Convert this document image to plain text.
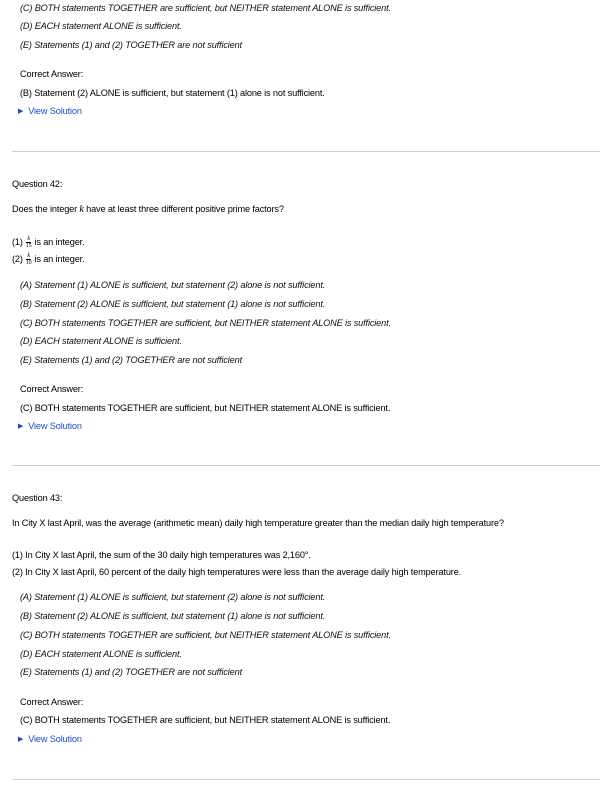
(C) BOTH statements TOGETHER are sufficient, but NEITHER statement ALONE is sufficient.
(D) EACH statement ALONE is sufficient.
(E) Statements (1) and (2) TOGETHER are not sufficient
Correct Answer:
(B) Statement (2) ALONE is sufficient, but statement (1) alone is not sufficient.
▶ View Solution
Question 42:
Does the integer k have at least three different positive prime factors?
$(1) \frac{k}{15}$ is an integer.
$(2) \frac{k}{10}$ is an integer.
(A) Statement (1) ALONE is sufficient, but statement (2) alone is not sufficient.
(B) Statement (2) ALONE is sufficient, but statement (1) alone is not sufficient.
(C) BOTH statements TOGETHER are sufficient, but NEITHER statement ALONE is sufficient.
(D) EACH statement ALONE is sufficient.
(E) Statements (1) and (2) TOGETHER are not sufficient
Correct Answer:
(C) BOTH statements TOGETHER are sufficient, but NEITHER statement ALONE is sufficient.
▶ View Solution
Question 43:
In City X last April, was the average (arithmetic mean) daily high temperature greater than the median daily high temperature?
(1) In City X last April, the sum of the 30 daily high temperatures was 2,160°.
(2) In City X last April, 60 percent of the daily high temperatures were less than the average daily high temperature.
(A) Statement (1) ALONE is sufficient, but statement (2) alone is not sufficient.
(B) Statement (2) ALONE is sufficient, but statement (1) alone is not sufficient.
(C) BOTH statements TOGETHER are sufficient, but NEITHER statement ALONE is sufficient.
(D) EACH statement ALONE is sufficient.
(E) Statements (1) and (2) TOGETHER are not sufficient
Correct Answer:
(C) BOTH statements TOGETHER are sufficient, but NEITHER statement ALONE is sufficient.
▶ View Solution
